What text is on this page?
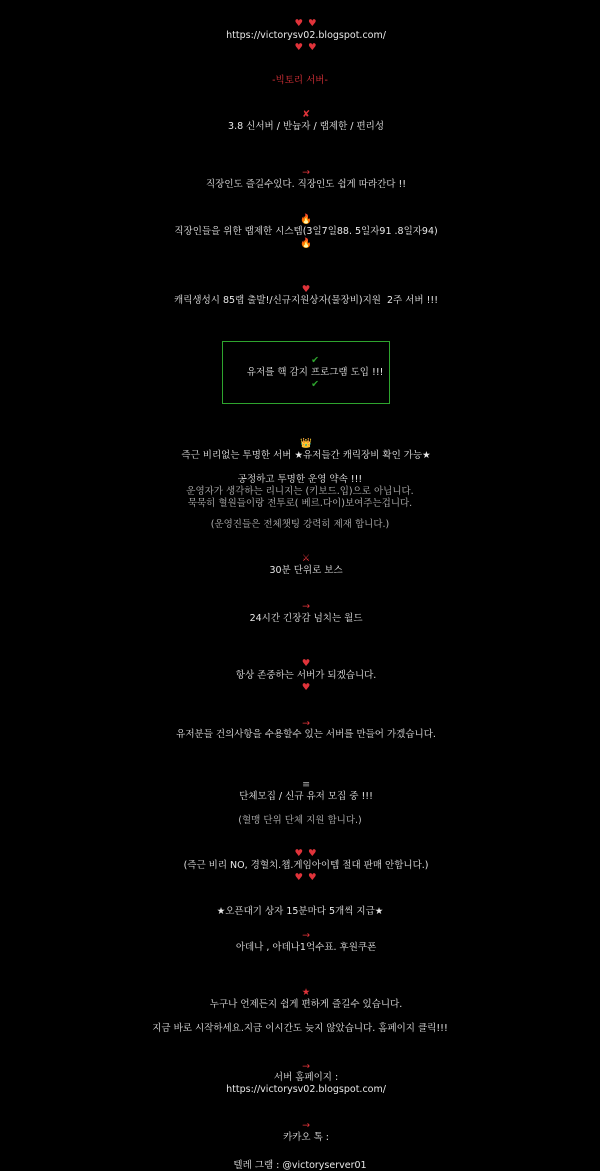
♥ ♥
https://victorysv02.blogspot.com/
♥ ♥

-빅토리 서버-

✘
3.8 신서버 / 반늅자 / 랩제한 / 편리성

→
직장인도 즐길수있다. 직장인도 쉽게 따라간다 !!

🔥
직장인들을 위한 랩제한 시스템(3일7일88. 5일자91 .8일자94)
🔥

♥
캐릭생성시 85랩 출발!/신규지원상자(물장비)지원  2주 서버 !!!

✔
유저를 핵 감지 프로그램 도입 !!!
✔

👑
즉근 비리없는 투명한 서버 ★유저들간 캐릭장비 확인 가능★

공정하고 투명한 운영 약속 !!!
운영자가 생각하는 리니지는 (키보드.입)으로 아닙니다.
묵묵히 혈원들이랑 전투로( 베르.다이)보여주는겁니다.
(운영진들은 전체챗팅 강력히 제재 합니다.)

⚔
30분 단위로 보스

→
24시간 긴장감 넘치는 월드

♥
항상 존중하는 서버가 되겠습니다.
♥

→
유저분들 건의사항을 수용할수 있는 서버를 만들어 가겠습니다.

≡
단체모집 / 신규 유저 모집 중 !!!

(혈맹 단위 단체 지원 합니다.)

♥ ♥
(즉근 비리 NO, 경혈치.챕.게임아이템 절대 판매 안합니다.)
♥ ♥

★오픈대기 상자 15분마다 5개씩 지급★

→
아데나 , 아데나1억수표. 후원쿠폰

★
누구나 언제든지 쉽게 편하게 즐길수 있습니다.

지금 바로 시작하세요.지금 이시간도 늦지 않았습니다. 홈페이지 클릭!!!

→
서버 홈페이지 :
https://victorysv02.blogspot.com/

→
카카오 톡 :

텔레 그램 : @victoryserver01
